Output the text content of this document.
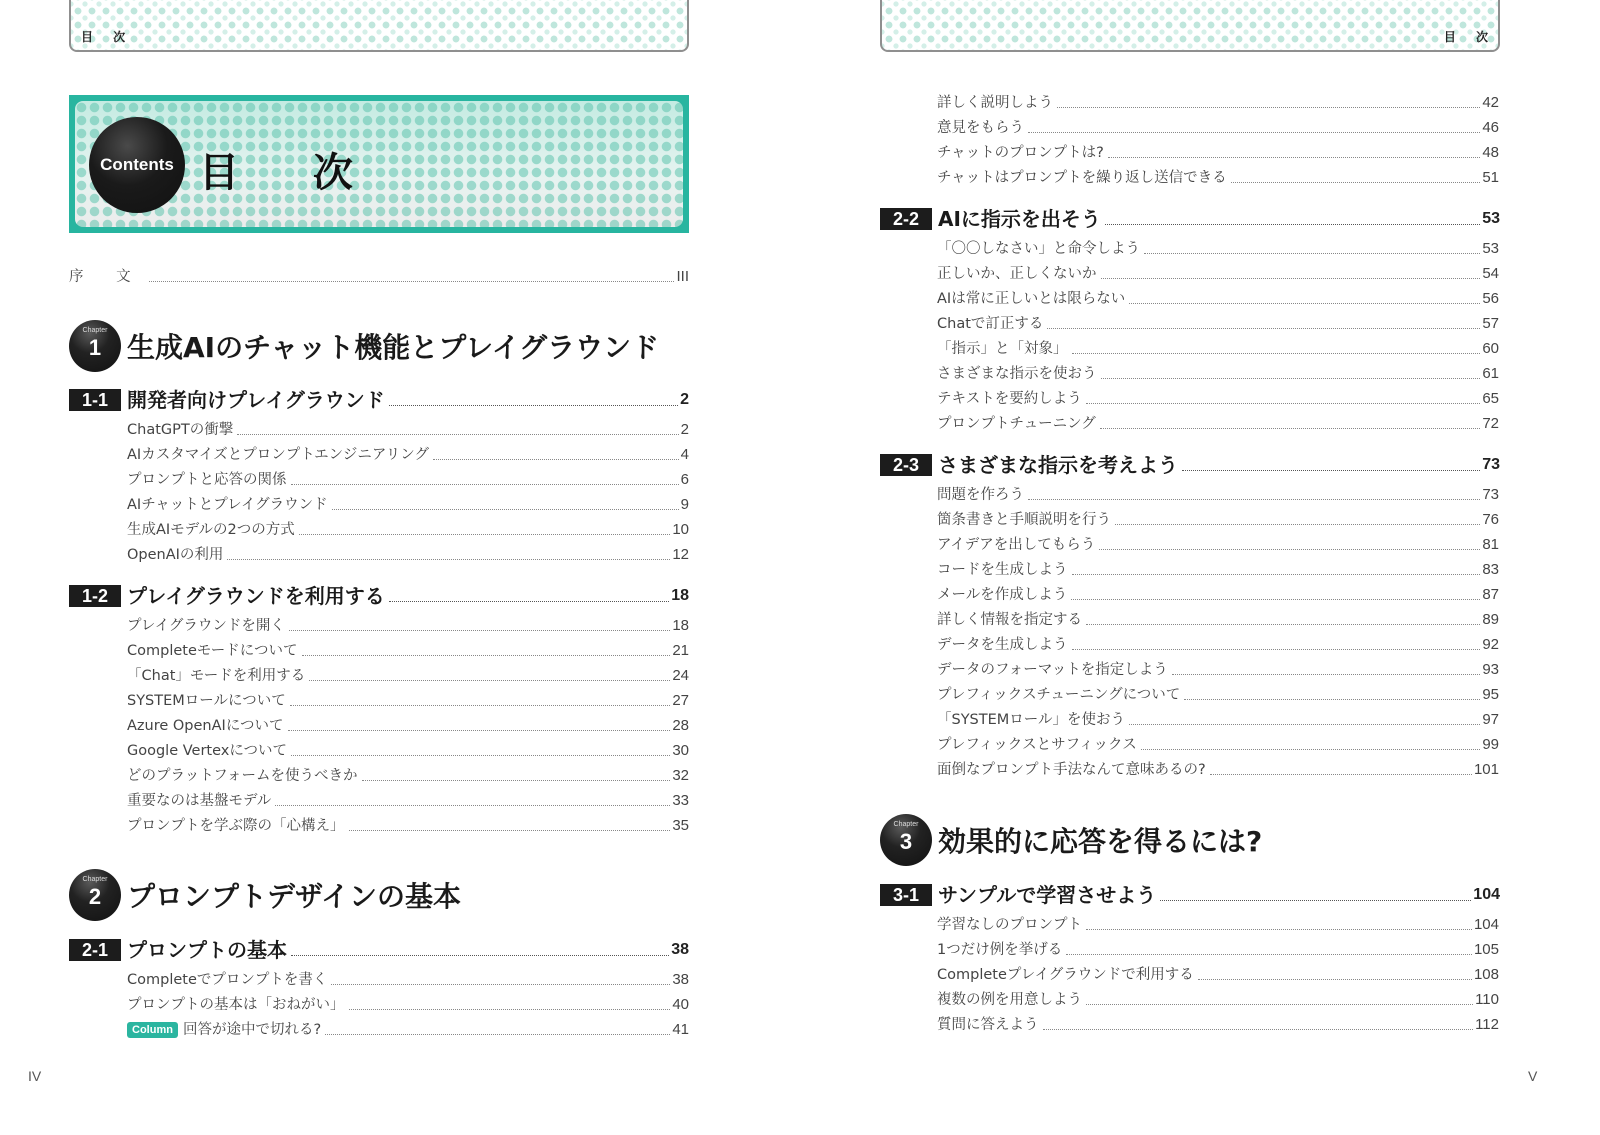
目 次
Contents 目 次
序 文	III
Chapter
1 生成AIのチャット機能とプレイグラウンド
1-1 開発者向けプレイグラウンド	2
ChatGPTの衝撃	2
AIカスタマイズとプロンプトエンジニアリング	4
プロンプトと応答の関係	6
AIチャットとプレイグラウンド	9
生成AIモデルの2つの方式	10
OpenAIの利用	12
1-2 プレイグラウンドを利用する	18
プレイグラウンドを開く	18
Completeモードについて	21
「Chat」モードを利用する	24
SYSTEMロールについて	27
Azure OpenAIについて	28
Google Vertexについて	30
どのプラットフォームを使うべきか	32
重要なのは基盤モデル	33
プロンプトを学ぶ際の「心構え」	35
Chapter
2 プロンプトデザインの基本
2-1 プロンプトの基本	38
Completeでプロンプトを書く	38
プロンプトの基本は「おねがい」	40
Column 回答が途中で切れる?	41
IV
目 次
詳しく説明しよう	42
意見をもらう	46
チャットのプロンプトは?	48
チャットはプロンプトを繰り返し送信できる	51
2-2 AIに指示を出そう	53
「〇〇しなさい」と命令しよう	53
正しいか、正しくないか	54
AIは常に正しいとは限らない	56
Chatで訂正する	57
「指示」と「対象」	60
さまざまな指示を使おう	61
テキストを要約しよう	65
プロンプトチューニング	72
2-3 さまざまな指示を考えよう	73
問題を作ろう	73
箇条書きと手順説明を行う	76
アイデアを出してもらう	81
コードを生成しよう	83
メールを作成しよう	87
詳しく情報を指定する	89
データを生成しよう	92
データのフォーマットを指定しよう	93
プレフィックスチューニングについて	95
「SYSTEMロール」を使おう	97
プレフィックスとサフィックス	99
面倒なプロンプト手法なんて意味あるの?	101
Chapter
3 効果的に応答を得るには?
3-1 サンプルで学習させよう	104
学習なしのプロンプト	104
1つだけ例を挙げる	105
Completeプレイグラウンドで利用する	108
複数の例を用意しよう	110
質問に答えよう	112
V
